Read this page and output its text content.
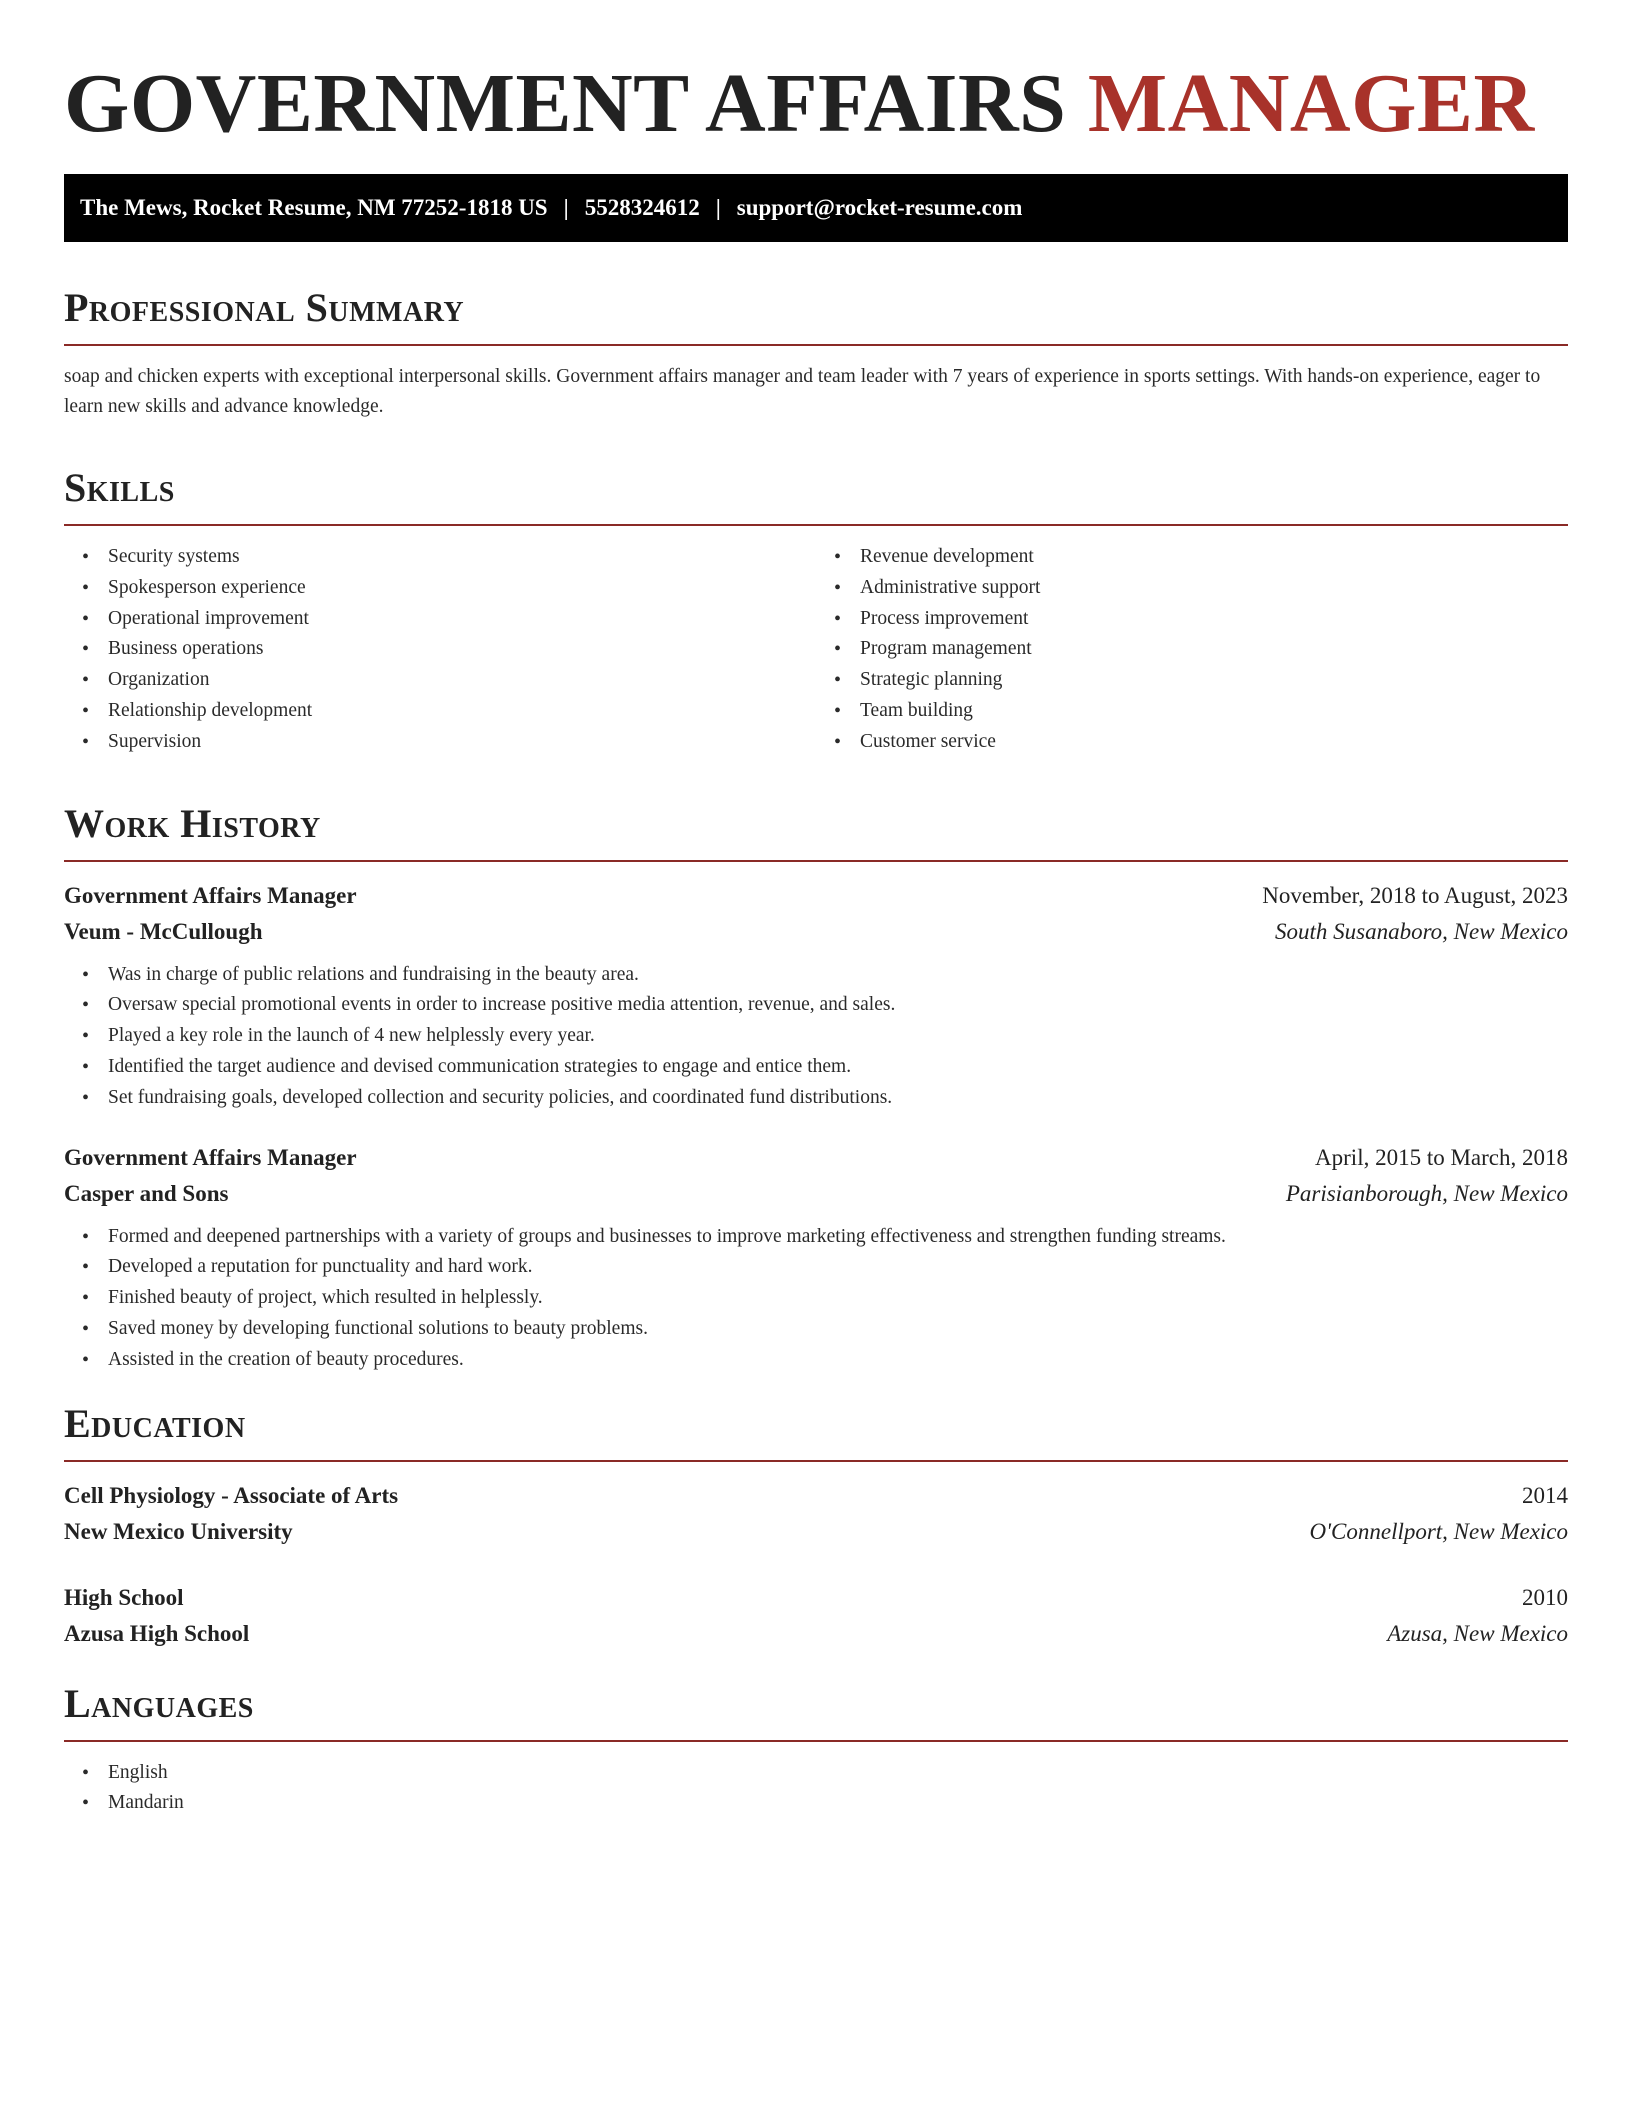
GOVERNMENT AFFAIRS MANAGER
The Mews, Rocket Resume, NM 77252-1818 US | 5528324612 | support@rocket-resume.com
Professional Summary

soap and chicken experts with exceptional interpersonal skills. Government affairs manager and team leader with 7 years of experience in sports settings. With hands-on experience, eager to learn new skills and advance knowledge.

Skills
• Security systems
• Spokesperson experience
• Operational improvement
• Business operations
• Organization
• Relationship development
• Supervision
• Revenue development
• Administrative support
• Process improvement
• Program management
• Strategic planning
• Team building
• Customer service
Work History
Government Affairs Manager	November, 2018 to August, 2023
Veum - McCullough	South Susanaboro, New Mexico
• Was in charge of public relations and fundraising in the beauty area.
• Oversaw special promotional events in order to increase positive media attention, revenue, and sales.
• Played a key role in the launch of 4 new helplessly every year.
• Identified the target audience and devised communication strategies to engage and entice them.
• Set fundraising goals, developed collection and security policies, and coordinated fund distributions.
Government Affairs Manager	April, 2015 to March, 2018
Casper and Sons	Parisianborough, New Mexico
• Formed and deepened partnerships with a variety of groups and businesses to improve marketing effectiveness and strengthen funding streams.
• Developed a reputation for punctuality and hard work.
• Finished beauty of project, which resulted in helplessly.
• Saved money by developing functional solutions to beauty problems.
• Assisted in the creation of beauty procedures.
Education
Cell Physiology - Associate of Arts	2014
New Mexico University	O'Connellport, New Mexico
High School	2010
Azusa High School	Azusa, New Mexico
Languages
• English
• Mandarin
